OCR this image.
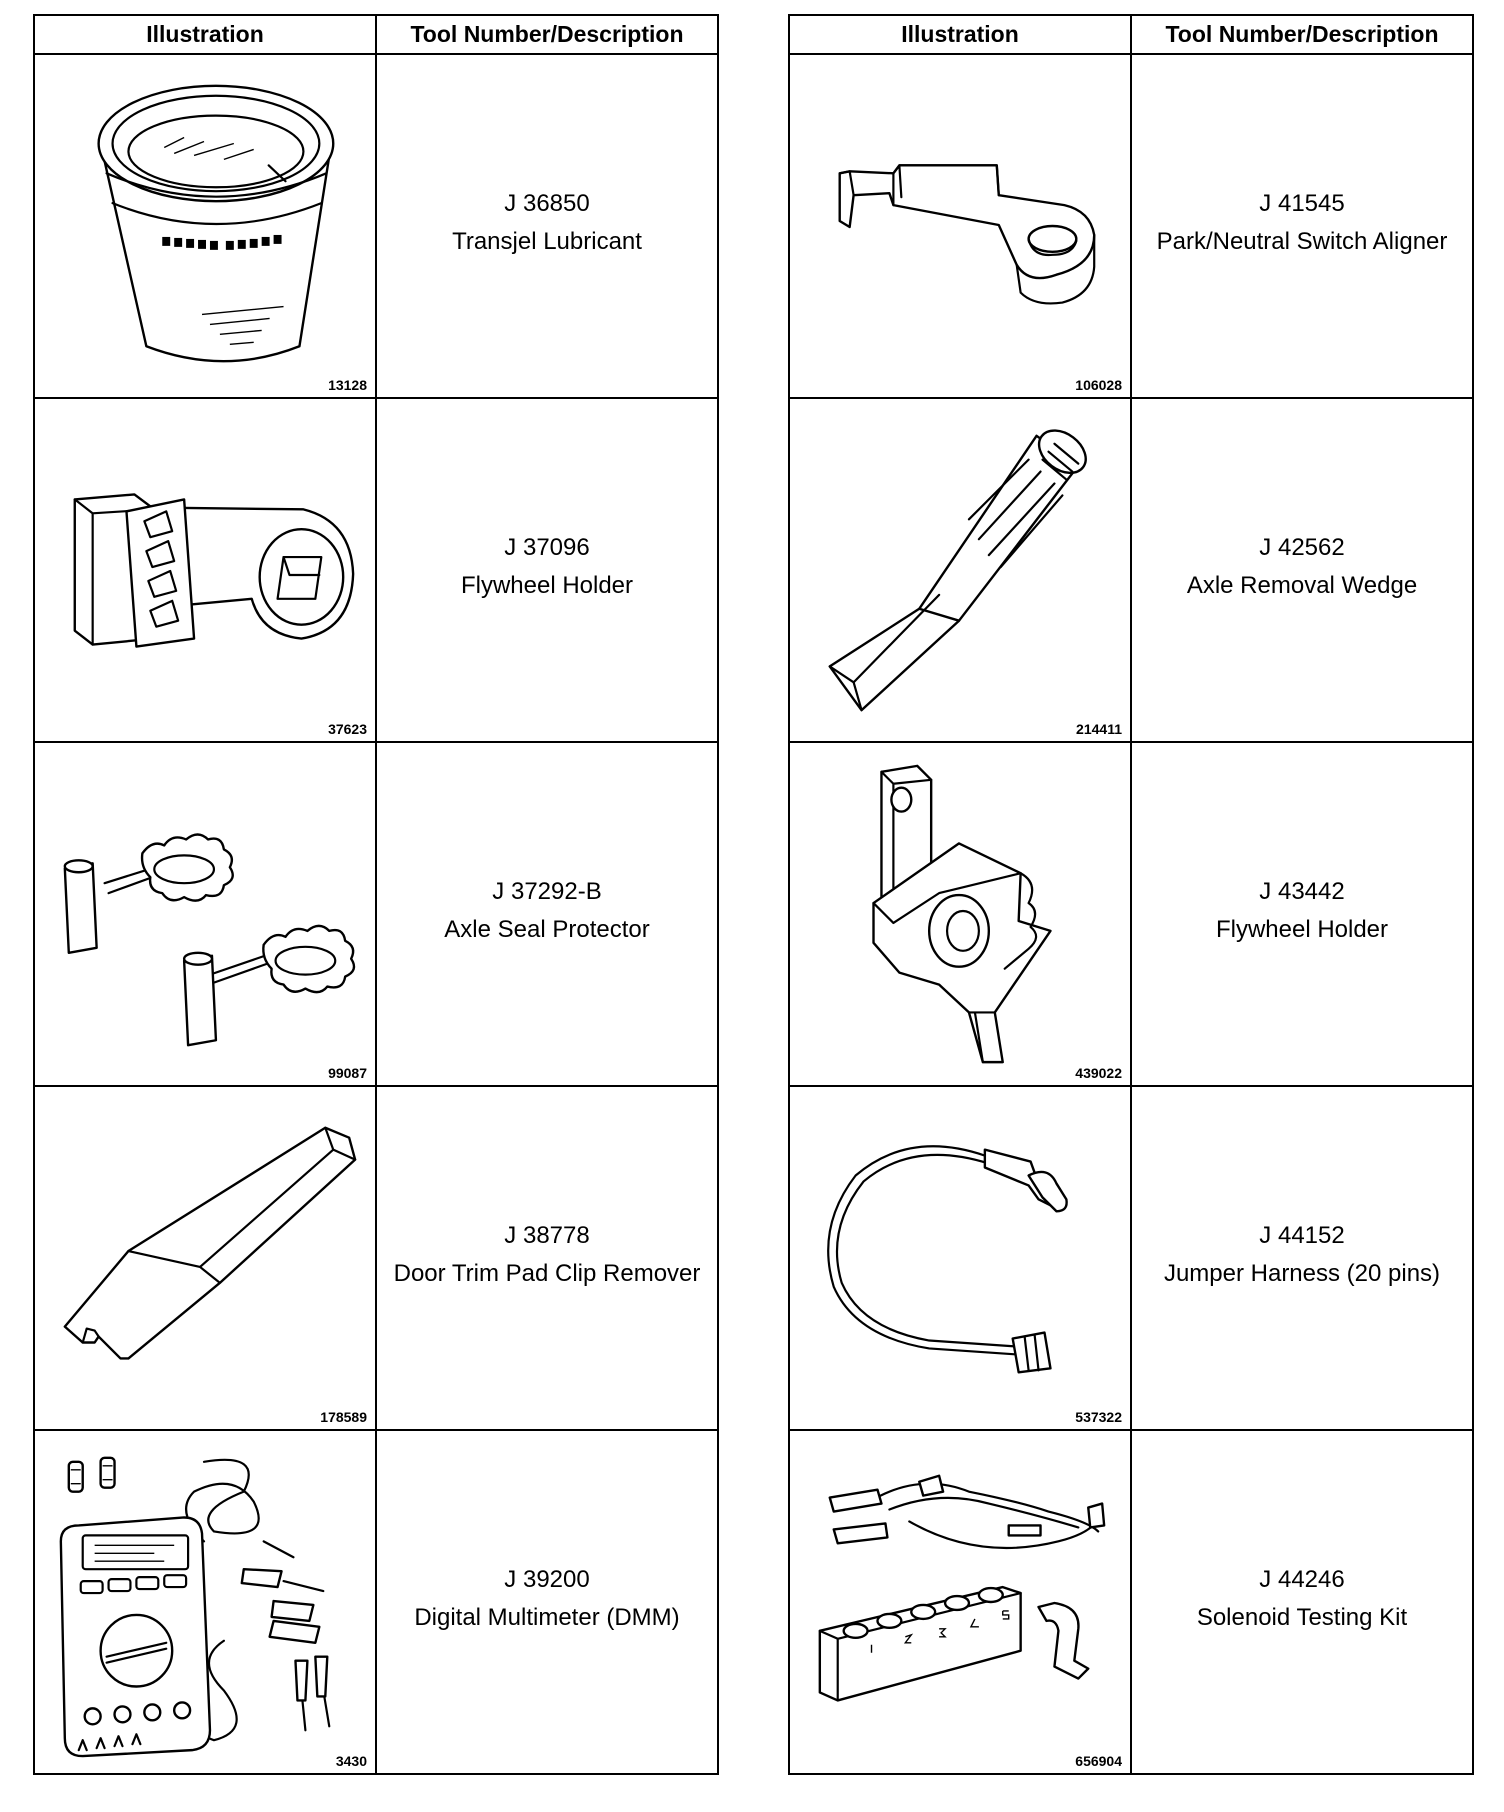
Illustration	Tool Number/Description

13128	J 36850
Transjel Lubricant

37623	J 37096
Flywheel Holder

99087	J 37292-B
Axle Seal Protector

178589	J 38778
Door Trim Pad Clip Remover

3430	J 39200
Digital Multimeter (DMM)
Illustration	Tool Number/Description

106028	J 41545
Park/Neutral Switch Aligner

214411	J 42562
Axle Removal Wedge

439022	J 43442
Flywheel Holder

537322	J 44152
Jumper Harness (20 pins)

656904	J 44246
Solenoid Testing Kit
